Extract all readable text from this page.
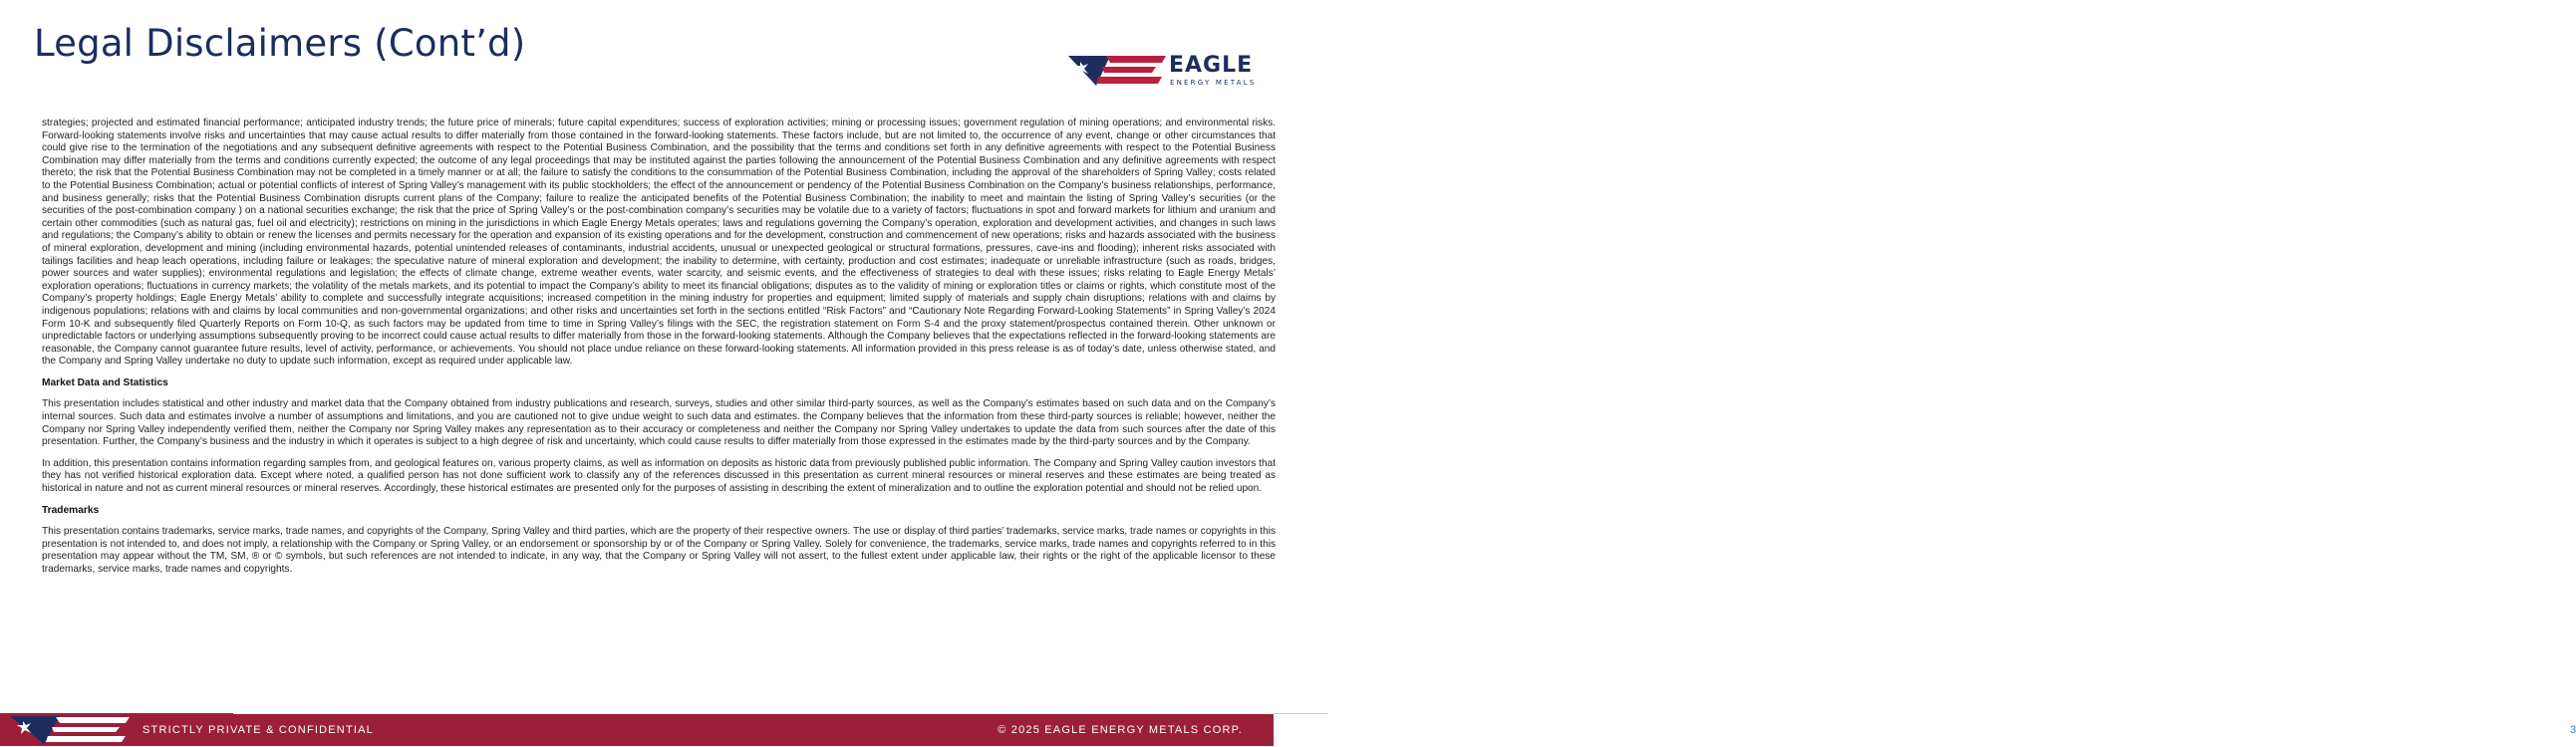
Legal Disclaimers (Cont’d)
EAGLE
ENERGY METALS

strategies; projected and estimated financial performance; anticipated industry trends; the future price of minerals; future capital expenditures; success of exploration activities; mining or processing issues; government regulation of mining operations; and environmental risks. Forward-looking statements involve risks and uncertainties that may cause actual results to differ materially from those contained in the forward-looking statements. These factors include, but are not limited to, the occurrence of any event, change or other circumstances that could give rise to the termination of the negotiations and any subsequent definitive agreements with respect to the Potential Business Combination, and the possibility that the terms and conditions set forth in any definitive agreements with respect to the Potential Business Combination may differ materially from the terms and conditions currently expected; the outcome of any legal proceedings that may be instituted against the parties following the announcement of the Potential Business Combination and any definitive agreements with respect thereto; the risk that the Potential Business Combination may not be completed in a timely manner or at all; the failure to satisfy the conditions to the consummation of the Potential Business Combination, including the approval of the shareholders of Spring Valley; costs related to the Potential Business Combination; actual or potential conflicts of interest of Spring Valley’s management with its public stockholders; the effect of the announcement or pendency of the Potential Business Combination on the Company’s business relationships, performance, and business generally; risks that the Potential Business Combination disrupts current plans of the Company; failure to realize the anticipated benefits of the Potential Business Combination; the inability to meet and maintain the listing of Spring Valley’s securities (or the securities of the post-combination company ) on a national securities exchange; the risk that the price of Spring Valley’s or the post-combination company’s securities may be volatile due to a variety of factors; fluctuations in spot and forward markets for lithium and uranium and certain other commodities (such as natural gas, fuel oil and electricity); restrictions on mining in the jurisdictions in which Eagle Energy Metals operates; laws and regulations governing the Company’s operation, exploration and development activities, and changes in such laws and regulations; the Company’s ability to obtain or renew the licenses and permits necessary for the operation and expansion of its existing operations and for the development, construction and commencement of new operations; risks and hazards associated with the business of mineral exploration, development and mining (including environmental hazards, potential unintended releases of contaminants, industrial accidents, unusual or unexpected geological or structural formations, pressures, cave-ins and flooding); inherent risks associated with tailings facilities and heap leach operations, including failure or leakages; the speculative nature of mineral exploration and development; the inability to determine, with certainty, production and cost estimates; inadequate or unreliable infrastructure (such as roads, bridges, power sources and water supplies); environmental regulations and legislation; the effects of climate change, extreme weather events, water scarcity, and seismic events, and the effectiveness of strategies to deal with these issues; risks relating to Eagle Energy Metals’ exploration operations; fluctuations in currency markets; the volatility of the metals markets, and its potential to impact the Company’s ability to meet its financial obligations; disputes as to the validity of mining or exploration titles or claims or rights, which constitute most of the Company’s property holdings; Eagle Energy Metals’ ability to complete and successfully integrate acquisitions; increased competition in the mining industry for properties and equipment; limited supply of materials and supply chain disruptions; relations with and claims by indigenous populations; relations with and claims by local communities and non-governmental organizations; and other risks and uncertainties set forth in the sections entitled “Risk Factors” and “Cautionary Note Regarding Forward-Looking Statements” in Spring Valley’s 2024 Form 10-K and subsequently filed Quarterly Reports on Form 10-Q, as such factors may be updated from time to time in Spring Valley’s filings with the SEC, the registration statement on Form S-4 and the proxy statement/prospectus contained therein. Other unknown or unpredictable factors or underlying assumptions subsequently proving to be incorrect could cause actual results to differ materially from those in the forward-looking statements. Although the Company believes that the expectations reflected in the forward-looking statements are reasonable, the Company cannot guarantee future results, level of activity, performance, or achievements. You should not place undue reliance on these forward-looking statements. All information provided in this press release is as of today’s date, unless otherwise stated, and the Company and Spring Valley undertake no duty to update such information, except as required under applicable law.

Market Data and Statistics

This presentation includes statistical and other industry and market data that the Company obtained from industry publications and research, surveys, studies and other similar third-party sources, as well as the Company’s estimates based on such data and on the Company’s internal sources. Such data and estimates involve a number of assumptions and limitations, and you are cautioned not to give undue weight to such data and estimates. the Company believes that the information from these third-party sources is reliable; however, neither the Company nor Spring Valley independently verified them, neither the Company nor Spring Valley makes any representation as to their accuracy or completeness and neither the Company nor Spring Valley undertakes to update the data from such sources after the date of this presentation. Further, the Company’s business and the industry in which it operates is subject to a high degree of risk and uncertainty, which could cause results to differ materially from those expressed in the estimates made by the third-party sources and by the Company.

In addition, this presentation contains information regarding samples from, and geological features on, various property claims, as well as information on deposits as historic data from previously published public information. The Company and Spring Valley caution investors that they has not verified historical exploration data. Except where noted, a qualified person has not done sufficient work to classify any of the references discussed in this presentation as current mineral resources or mineral reserves and these estimates are being treated as historical in nature and not as current mineral resources or mineral reserves. Accordingly, these historical estimates are presented only for the purposes of assisting in describing the extent of mineralization and to outline the exploration potential and should not be relied upon.

Trademarks

This presentation contains trademarks, service marks, trade names, and copyrights of the Company, Spring Valley and third parties, which are the property of their respective owners. The use or display of third parties’ trademarks, service marks, trade names or copyrights in this presentation is not intended to, and does not imply, a relationship with the Company or Spring Valley, or an endorsement or sponsorship by or of the Company or Spring Valley. Solely for convenience, the trademarks, service marks, trade names and copyrights referred to in this presentation may appear without the TM, SM, ® or © symbols, but such references are not intended to indicate, in any way, that the Company or Spring Valley will not assert, to the fullest extent under applicable law, their rights or the right of the applicable licensor to these trademarks, service marks, trade names and copyrights.

STRICTLY PRIVATE & CONFIDENTIAL	© 2025 EAGLE ENERGY METALS CORP.	3
